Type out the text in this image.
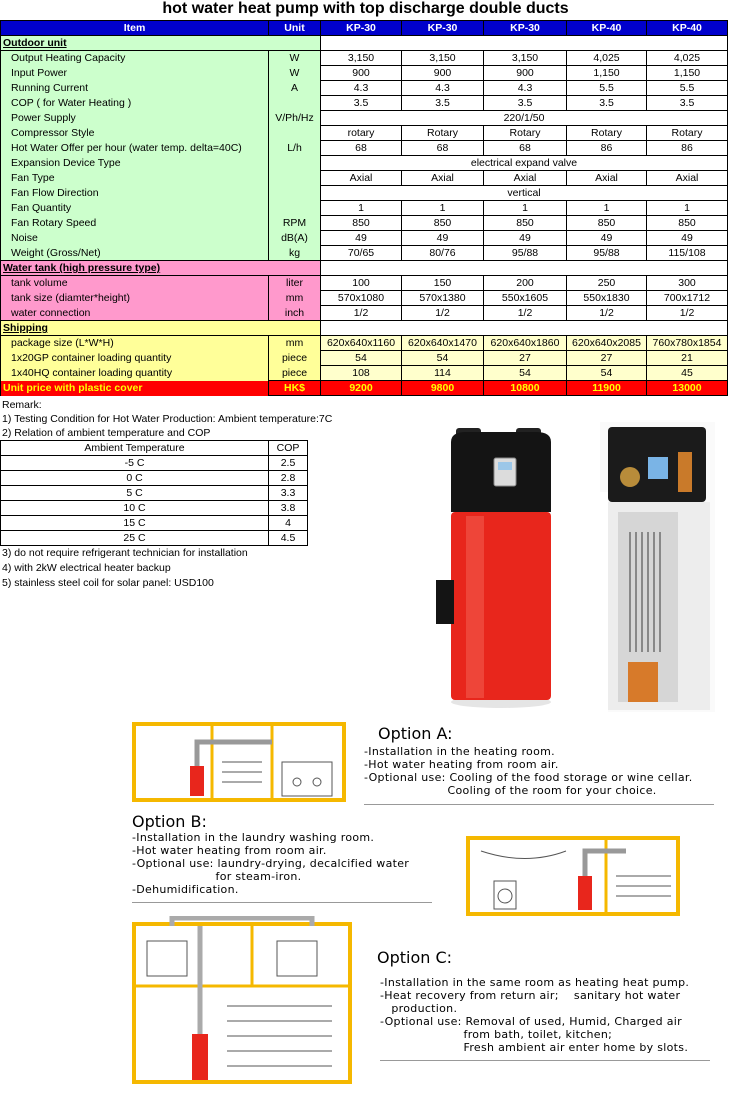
hot water heat pump with top discharge double ducts
Item	Unit	KP-30	KP-30	KP-30	KP-40	KP-40
Outdoor unit						
Output Heating Capacity	W	3,150	3,150	3,150	4,025	4,025
Input Power	W	900	900	900	1,150	1,150
Running Current	A	4.3	4.3	4.3	5.5	5.5
COP ( for Water Heating )		3.5	3.5	3.5	3.5	3.5
Power Supply	V/Ph/Hz	220/1/50				
Compressor Style		rotary	Rotary	Rotary	Rotary	Rotary
Hot Water Offer per hour (water temp. delta=40C)	L/h	68	68	68	86	86
Expansion Device Type		electrical expand valve				
Fan Type		Axial	Axial	Axial	Axial	Axial
Fan Flow Direction		vertical				
Fan Quantity		1	1	1	1	1
Fan Rotary Speed	RPM	850	850	850	850	850
Noise	dB(A)	49	49	49	49	49
Weight (Gross/Net)	kg	70/65	80/76	95/88	95/88	115/108
Water tank (high pressure type)						
tank volume	liter	100	150	200	250	300
tank size (diamter*height)	mm	570x1080	570x1380	550x1605	550x1830	700x1712
water connection	inch	1/2	1/2	1/2	1/2	1/2
Shipping						
package size (L*W*H)	mm	620x640x1160	620x640x1470	620x640x1860	620x640x2085	760x780x1854
1x20GP container loading quantity	piece	54	54	27	27	21
1x40HQ container loading quantity	piece	108	114	54	54	45
Unit price with plastic cover	HK$	9200	9800	10800	11900	13000
Remark:
1) Testing Condition for Hot Water Production: Ambient temperature:7C
2) Relation of ambient temperature and COP
Ambient Temperature	COP
-5 C	2.5
0 C	2.8
5 C	3.3
10 C	3.8
15 C	4
25 C	4.5
3) do not require refrigerant technician for installation
4) with 2kW electrical heater backup
5) stainless steel coil for solar panel: USD100
Option A:
-Installation in the heating room.
-Hot water heating from room air.
-Optional use: Cooling of the food storage or wine cellar.
Cooling of the room for your choice.
Option B:
-Installation in the laundry washing room.
-Hot water heating from room air.
-Optional use: laundry-drying, decalcified water
for steam-iron.
-Dehumidification.
Option C:
-Installation in the same room as heating heat pump.
-Heat recovery from return air;    sanitary hot water
production.
-Optional use: Removal of used, Humid, Charged air
from bath, toilet, kitchen;
Fresh ambient air enter home by slots.
